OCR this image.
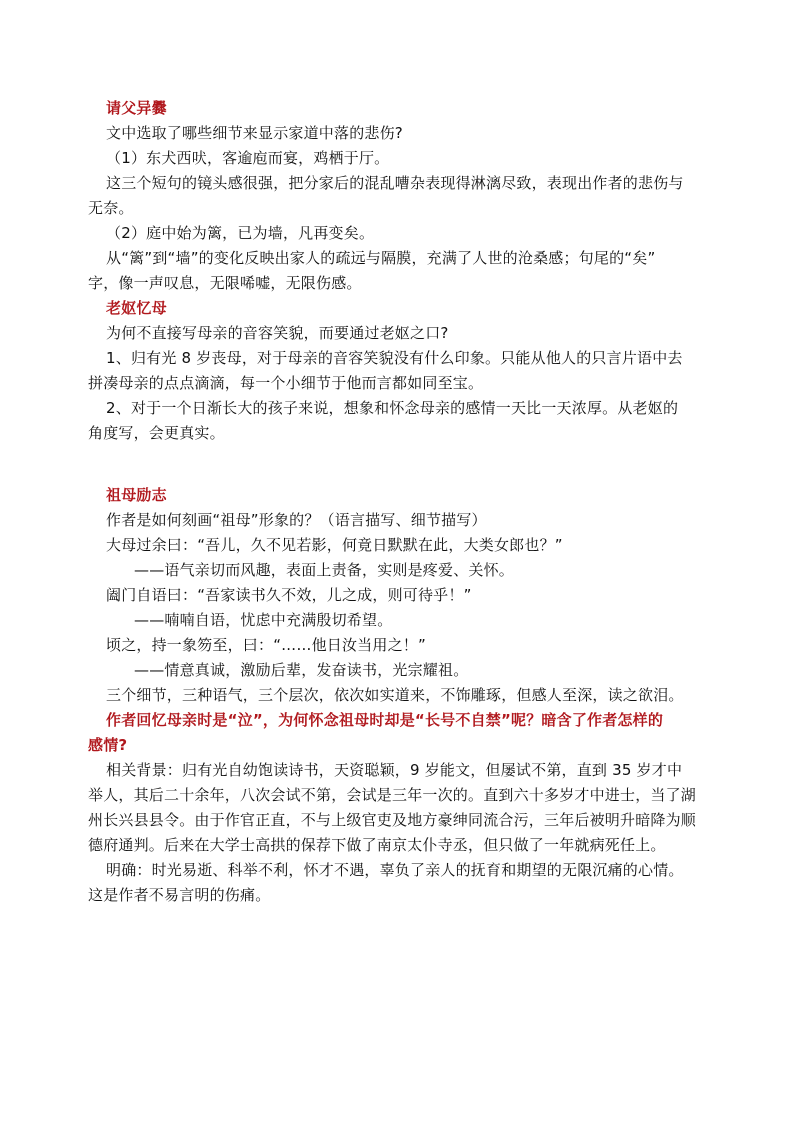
请父异爨
文中选取了哪些细节来显示家道中落的悲伤?
（1）东犬西吠，客逾庖而宴，鸡栖于厅。
这三个短句的镜头感很强，把分家后的混乱嘈杂表现得淋漓尽致，表现出作者的悲伤与
无奈。
（2）庭中始为篱，已为墙，凡再变矣。
从“篱”到“墙”的变化反映出家人的疏远与隔膜，充满了人世的沧桑感；句尾的“矣”
字，像一声叹息，无限唏嘘，无限伤感。
老妪忆母
为何不直接写母亲的音容笑貌，而要通过老妪之口?
1、归有光 8 岁丧母，对于母亲的音容笑貌没有什么印象。只能从他人的只言片语中去
拼凑母亲的点点滴滴，每一个小细节于他而言都如同至宝。
2、对于一个日渐长大的孩子来说，想象和怀念母亲的感情一天比一天浓厚。从老妪的
角度写，会更真实。
祖母励志
作者是如何刻画“祖母”形象的？（语言描写、细节描写）
大母过余曰：“吾儿，久不见若影，何竟日默默在此，大类女郎也？”
——语气亲切而风趣，表面上责备，实则是疼爱、关怀。
阖门自语曰：“吾家读书久不效，儿之成，则可待乎！”
——喃喃自语，忧虑中充满殷切希望。
顷之，持一象笏至，曰：“……他日汝当用之！”
——情意真诚，激励后辈，发奋读书，光宗耀祖。
三个细节，三种语气，三个层次，依次如实道来，不饰雕琢，但感人至深，读之欲泪。
作者回忆母亲时是“泣”，为何怀念祖母时却是“长号不自禁”呢？暗含了作者怎样的
感情?
相关背景：归有光自幼饱读诗书，天资聪颖，9 岁能文，但屡试不第，直到 35 岁才中
举人，其后二十余年，八次会试不第，会试是三年一次的。直到六十多岁才中进士，当了湖
州长兴县县令。由于作官正直，不与上级官吏及地方豪绅同流合污，三年后被明升暗降为顺
德府通判。后来在大学士高拱的保荐下做了南京太仆寺丞，但只做了一年就病死任上。
明确：时光易逝、科举不利，怀才不遇，辜负了亲人的抚育和期望的无限沉痛的心情。
这是作者不易言明的伤痛。
